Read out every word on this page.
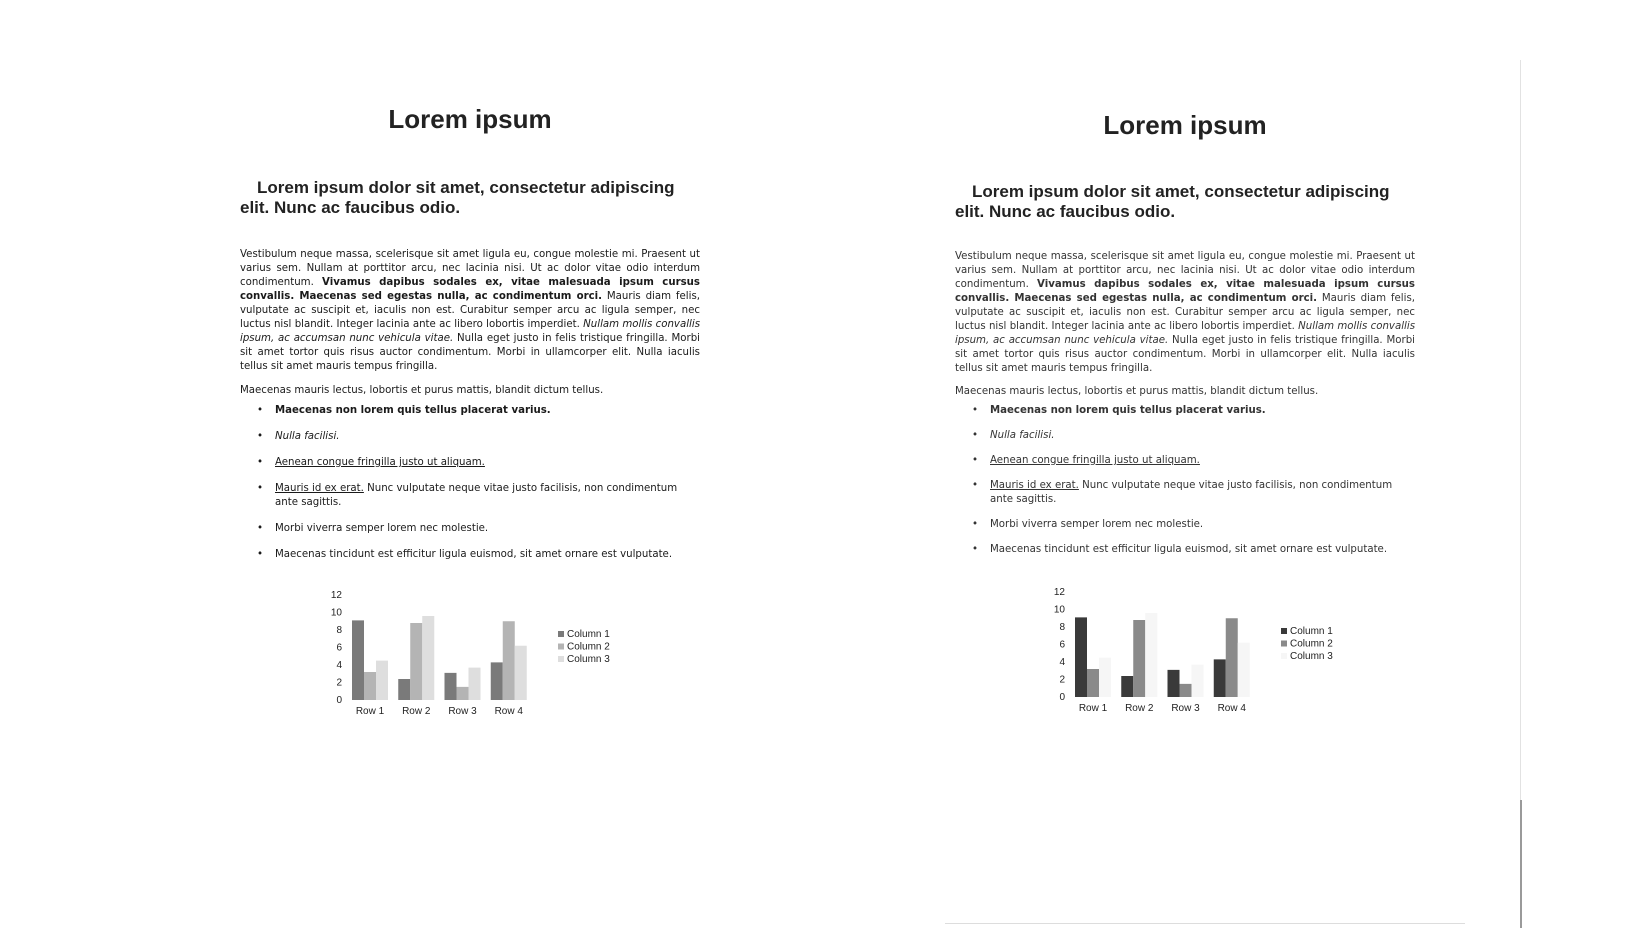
Lorem ipsum
Lorem ipsum dolor sit amet, consectetur adipiscing elit. Nunc ac faucibus odio.

Vestibulum neque massa, scelerisque sit amet ligula eu, congue molestie mi. Praesent ut varius sem. Nullam at porttitor arcu, nec lacinia nisi. Ut ac dolor vitae odio interdum condimentum. Vivamus dapibus sodales ex, vitae malesuada ipsum cursus convallis. Maecenas sed egestas nulla, ac condimentum orci. Mauris diam felis, vulputate ac suscipit et, iaculis non est. Curabitur semper arcu ac ligula semper, nec luctus nisl blandit. Integer lacinia ante ac libero lobortis imperdiet. Nullam mollis convallis ipsum, ac accumsan nunc vehicula vitae. Nulla eget justo in felis tristique fringilla. Morbi sit amet tortor quis risus auctor condimentum. Morbi in ullamcorper elit. Nulla iaculis tellus sit amet mauris tempus fringilla.

Maecenas mauris lectus, lobortis et purus mattis, blandit dictum tellus.
• Maecenas non lorem quis tellus placerat varius.
• Nulla facilisi.
• Aenean congue fringilla justo ut aliquam.
• Mauris id ex erat. Nunc vulputate neque vitae justo facilisis, non condimentum ante sagittis.
• Morbi viverra semper lorem nec molestie.
• Maecenas tincidunt est efficitur ligula euismod, sit amet ornare est vulputate.
0
2
4
6
8
10
12
Row 1 Row 2 Row 3 Row 4
Column 1
Column 2
Column 3
Lorem ipsum
Lorem ipsum dolor sit amet, consectetur adipiscing elit. Nunc ac faucibus odio.

Vestibulum neque massa, scelerisque sit amet ligula eu, congue molestie mi. Praesent ut varius sem. Nullam at porttitor arcu, nec lacinia nisi. Ut ac dolor vitae odio interdum condimentum. Vivamus dapibus sodales ex, vitae malesuada ipsum cursus convallis. Maecenas sed egestas nulla, ac condimentum orci. Mauris diam felis, vulputate ac suscipit et, iaculis non est. Curabitur semper arcu ac ligula semper, nec luctus nisl blandit. Integer lacinia ante ac libero lobortis imperdiet. Nullam mollis convallis ipsum, ac accumsan nunc vehicula vitae. Nulla eget justo in felis tristique fringilla. Morbi sit amet tortor quis risus auctor condimentum. Morbi in ullamcorper elit. Nulla iaculis tellus sit amet mauris tempus fringilla.

Maecenas mauris lectus, lobortis et purus mattis, blandit dictum tellus.
• Maecenas non lorem quis tellus placerat varius.
• Nulla facilisi.
• Aenean congue fringilla justo ut aliquam.
• Mauris id ex erat. Nunc vulputate neque vitae justo facilisis, non condimentum ante sagittis.
• Morbi viverra semper lorem nec molestie.
• Maecenas tincidunt est efficitur ligula euismod, sit amet ornare est vulputate.
0
2
4
6
8
10
12
Row 1 Row 2 Row 3 Row 4
Column 1
Column 2
Column 3
